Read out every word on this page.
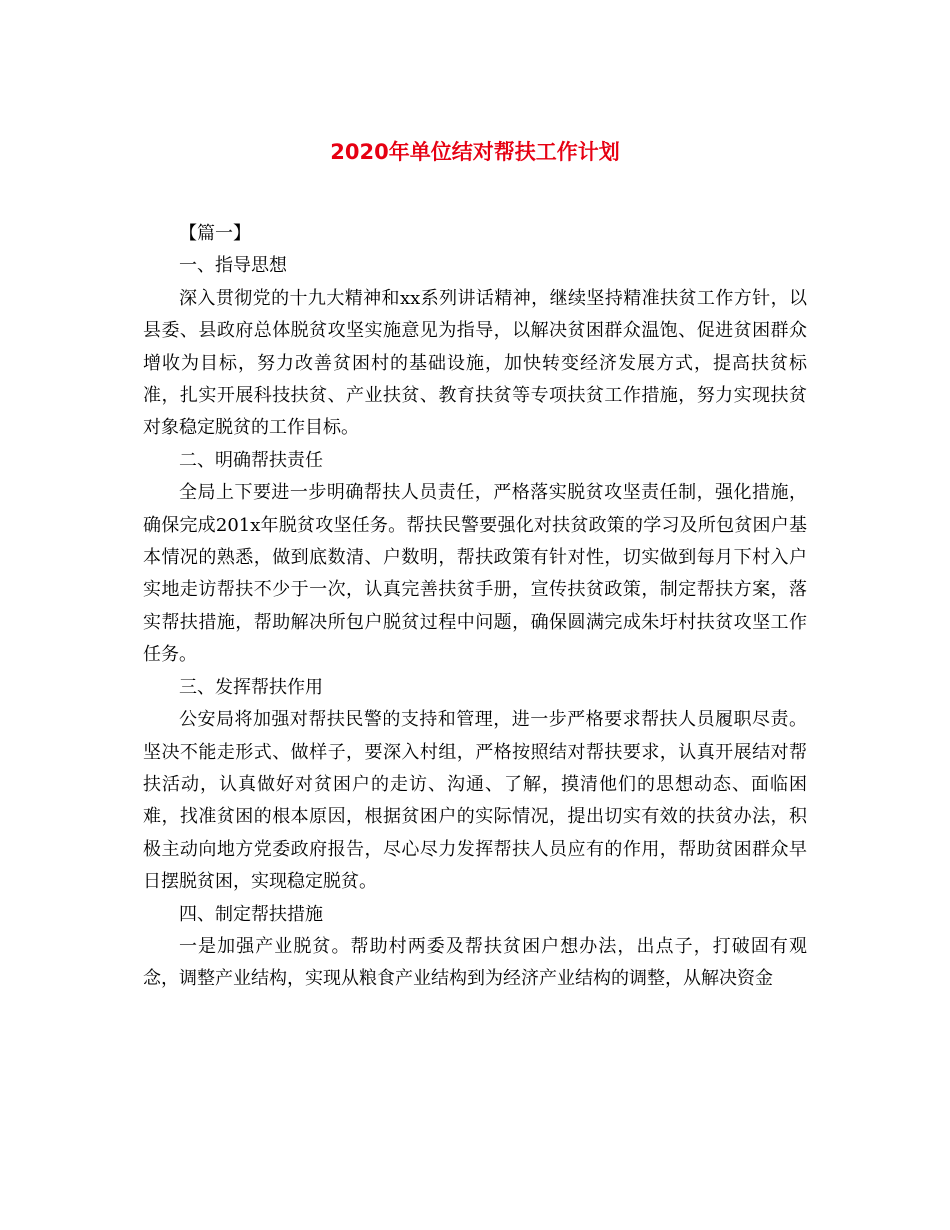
2020年单位结对帮扶工作计划

【篇一】

一、指导思想

深入贯彻党的十九大精神和xx系列讲话精神，继续坚持精准扶贫工作方针，以县委、县政府总体脱贫攻坚实施意见为指导，以解决贫困群众温饱、促进贫困群众增收为目标，努力改善贫困村的基础设施，加快转变经济发展方式，提高扶贫标准，扎实开展科技扶贫、产业扶贫、教育扶贫等专项扶贫工作措施，努力实现扶贫对象稳定脱贫的工作目标。

二、明确帮扶责任

全局上下要进一步明确帮扶人员责任，严格落实脱贫攻坚责任制，强化措施，确保完成201x年脱贫攻坚任务。帮扶民警要强化对扶贫政策的学习及所包贫困户基本情况的熟悉，做到底数清、户数明，帮扶政策有针对性，切实做到每月下村入户实地走访帮扶不少于一次，认真完善扶贫手册，宣传扶贫政策，制定帮扶方案，落实帮扶措施，帮助解决所包户脱贫过程中问题，确保圆满完成朱圩村扶贫攻坚工作任务。

三、发挥帮扶作用

公安局将加强对帮扶民警的支持和管理，进一步严格要求帮扶人员履职尽责。坚决不能走形式、做样子，要深入村组，严格按照结对帮扶要求，认真开展结对帮扶活动，认真做好对贫困户的走访、沟通、了解，摸清他们的思想动态、面临困难，找准贫困的根本原因，根据贫困户的实际情况，提出切实有效的扶贫办法，积极主动向地方党委政府报告，尽心尽力发挥帮扶人员应有的作用，帮助贫困群众早日摆脱贫困，实现稳定脱贫。

四、制定帮扶措施

一是加强产业脱贫。帮助村两委及帮扶贫困户想办法，出点子，打破固有观念，调整产业结构，实现从粮食产业结构到为经济产业结构的调整，从解决资金
